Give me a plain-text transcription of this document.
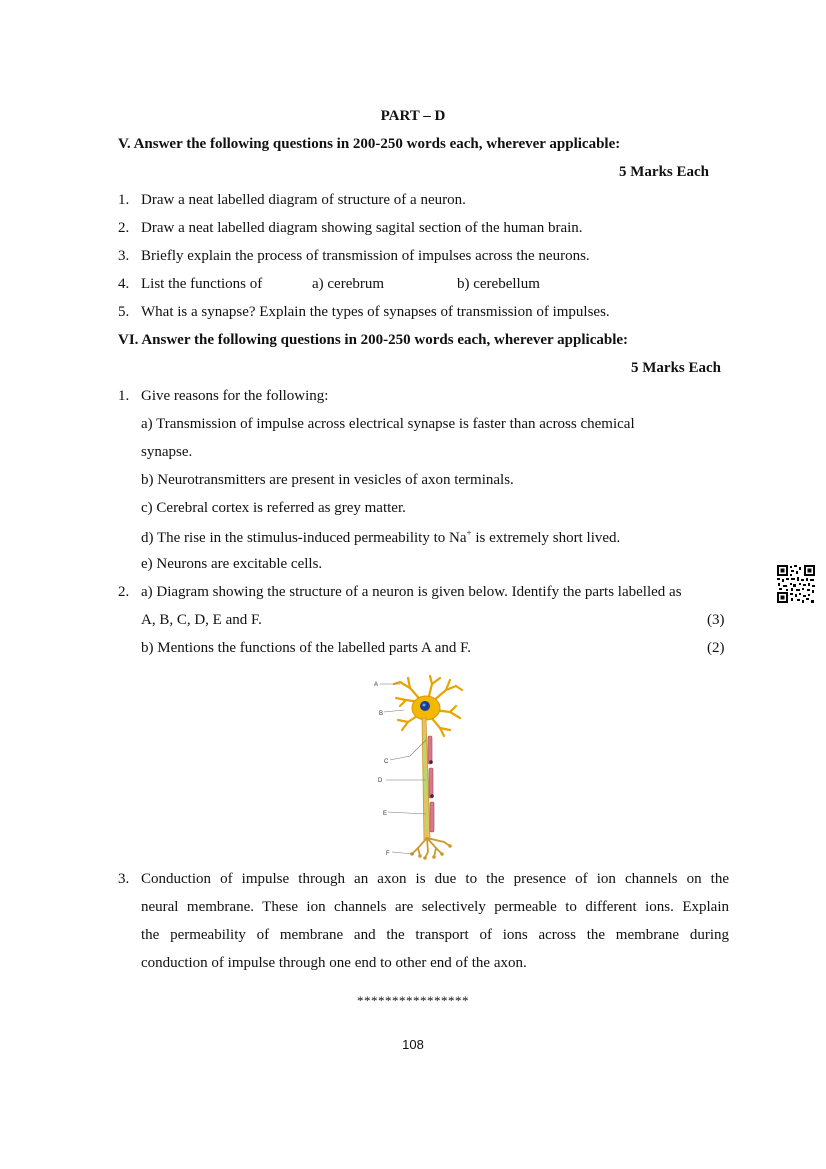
PART – D
V. Answer the following questions in 200-250 words each, wherever applicable:
5 Marks Each
1. Draw a neat labelled diagram of structure of a neuron.
2. Draw a neat labelled diagram showing sagital section of the human brain.
3. Briefly explain the process of transmission of impulses across the neurons.
4. List the functions of	a) cerebrum	b) cerebellum
5. What is a synapse? Explain the types of synapses of transmission of impulses.
VI. Answer the following questions in 200-250 words each, wherever applicable:
5 Marks Each
1. Give reasons for the following:
a) Transmission of impulse across electrical synapse is faster than across chemical
synapse.
b) Neurotransmitters are present in vesicles of axon terminals.
c) Cerebral cortex is referred as grey matter.
d) The rise in the stimulus-induced permeability to Na+ is extremely short lived.
e) Neurons are excitable cells.
2. a) Diagram showing the structure of a neuron is given below. Identify the parts labelled as
A, B, C, D, E and F.	(3)
b) Mentions the functions of the labelled parts A and F.	(2)
A
B
C
D
E
F
3. Conduction of impulse through an axon is due to the presence of ion channels on the
neural membrane. These ion channels are selectively permeable to different ions. Explain
the permeability of membrane and the transport of ions across the membrane during
conduction of impulse through one end to other end of the axon.
****************
108
